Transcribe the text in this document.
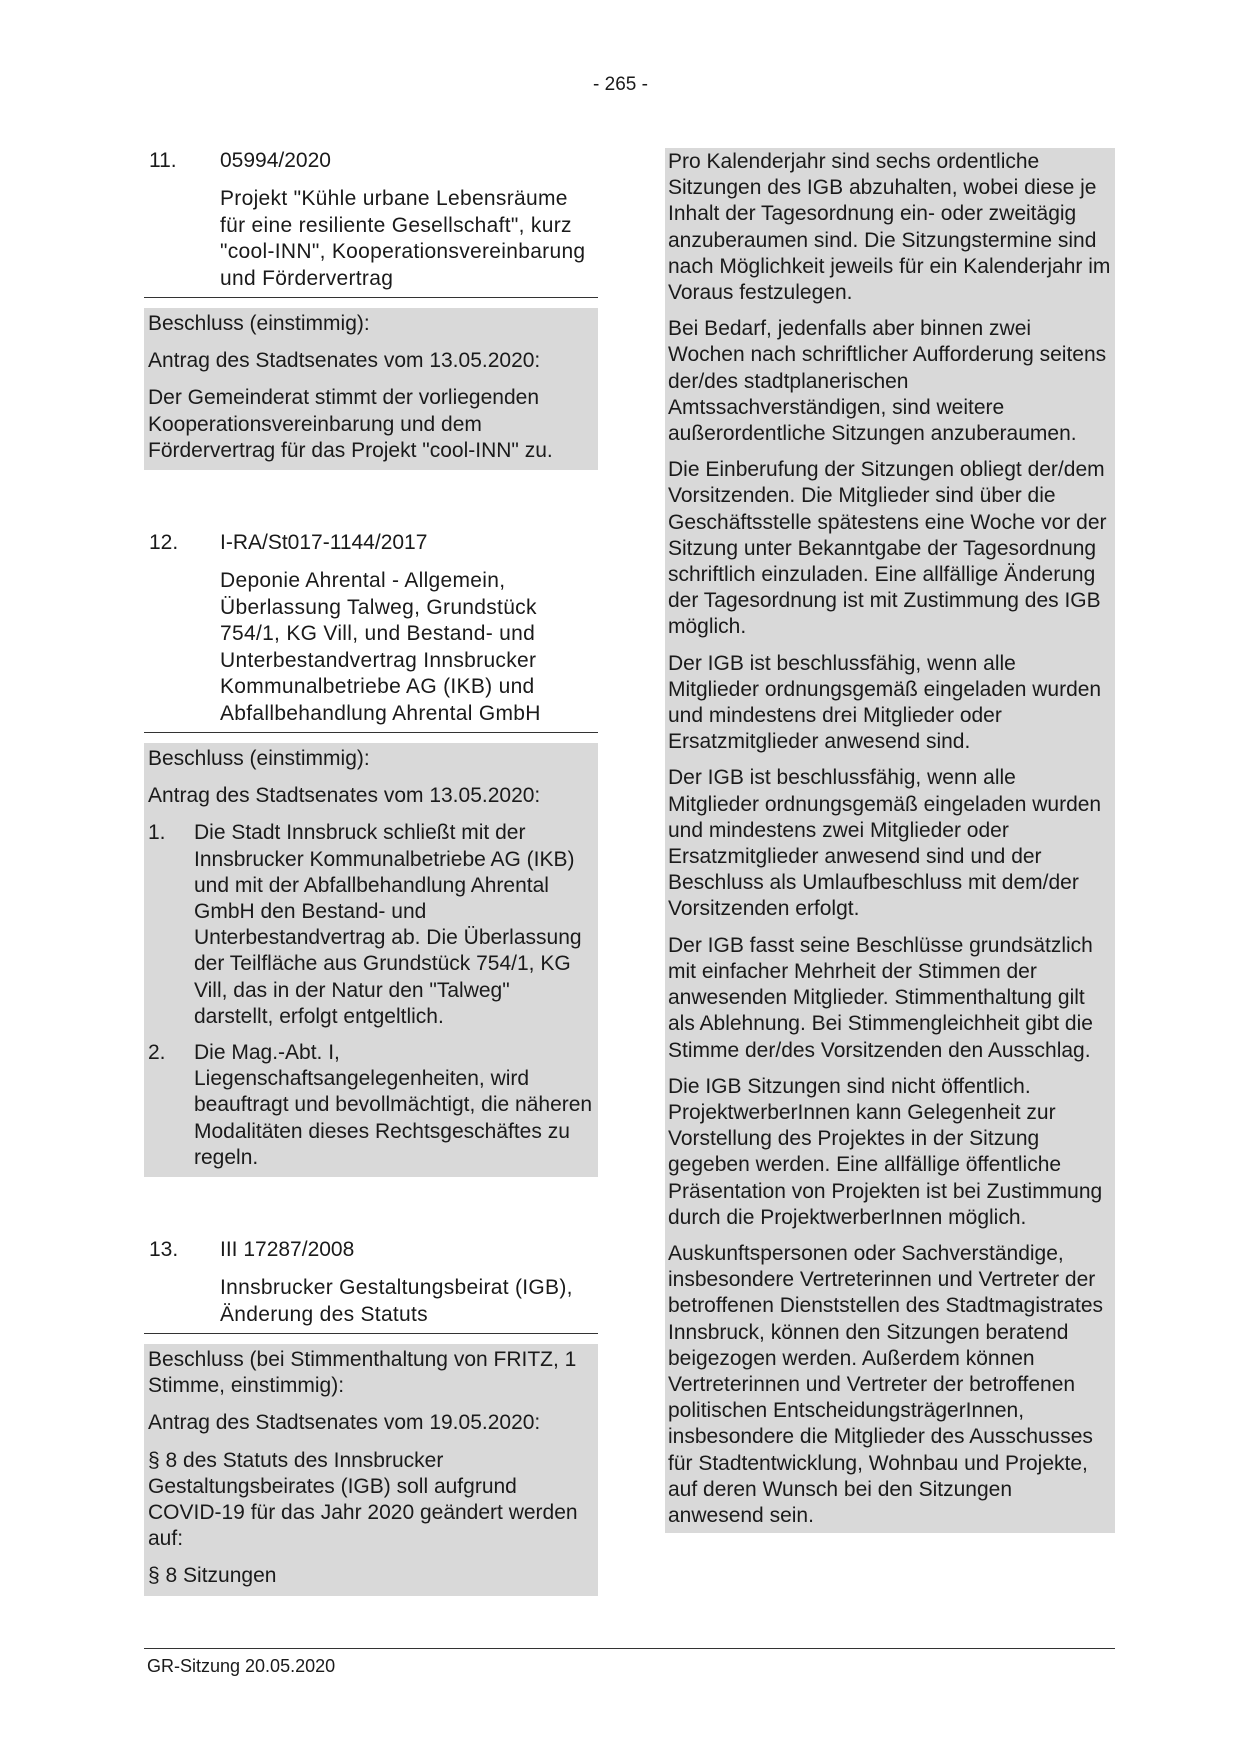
- 265 -
11. 05994/2020
Projekt "Kühle urbane Lebensräume für eine resiliente Gesellschaft", kurz "cool-INN", Kooperationsvereinbarung und Fördervertrag

Beschluss (einstimmig):

Antrag des Stadtsenates vom 13.05.2020:

Der Gemeinderat stimmt der vorliegenden Kooperationsvereinbarung und dem Fördervertrag für das Projekt "cool-INN" zu.

12. I-RA/St017-1144/2017
Deponie Ahrental - Allgemein, Überlassung Talweg, Grundstück 754/1, KG Vill, und Bestand- und Unterbestandvertrag Innsbrucker Kommunalbetriebe AG (IKB) und Abfallbehandlung Ahrental GmbH

Beschluss (einstimmig):

Antrag des Stadtsenates vom 13.05.2020:

1. Die Stadt Innsbruck schließt mit der Innsbrucker Kommunalbetriebe AG (IKB) und mit der Abfallbehandlung Ahrental GmbH den Bestand- und Unterbestandvertrag ab. Die Überlassung der Teilfläche aus Grundstück 754/1, KG Vill, das in der Natur den "Talweg" darstellt, erfolgt entgeltlich.
2. Die Mag.-Abt. I, Liegenschaftsangelegenheiten, wird beauftragt und bevollmächtigt, die näheren Modalitäten dieses Rechtsgeschäftes zu regeln.
13. III 17287/2008
Innsbrucker Gestaltungsbeirat (IGB), Änderung des Statuts

Beschluss (bei Stimmenthaltung von FRITZ, 1 Stimme, einstimmig):

Antrag des Stadtsenates vom 19.05.2020:

§ 8 des Statuts des Innsbrucker Gestaltungsbeirates (IGB) soll aufgrund COVID-19 für das Jahr 2020 geändert werden auf:

§ 8 Sitzungen

Pro Kalenderjahr sind sechs ordentliche Sitzungen des IGB abzuhalten, wobei diese je Inhalt der Tagesordnung ein- oder zweitägig anzuberaumen sind. Die Sitzungstermine sind nach Möglichkeit jeweils für ein Kalenderjahr im Voraus festzulegen.

Bei Bedarf, jedenfalls aber binnen zwei Wochen nach schriftlicher Aufforderung seitens der/des stadtplanerischen Amtssachverständigen, sind weitere außerordentliche Sitzungen anzuberaumen.

Die Einberufung der Sitzungen obliegt der/dem Vorsitzenden. Die Mitglieder sind über die Geschäftsstelle spätestens eine Woche vor der Sitzung unter Bekanntgabe der Tagesordnung schriftlich einzuladen. Eine allfällige Änderung der Tagesordnung ist mit Zustimmung des IGB möglich.

Der IGB ist beschlussfähig, wenn alle Mitglieder ordnungsgemäß eingeladen wurden und mindestens drei Mitglieder oder Ersatzmitglieder anwesend sind.

Der IGB ist beschlussfähig, wenn alle Mitglieder ordnungsgemäß eingeladen wurden und mindestens zwei Mitglieder oder Ersatzmitglieder anwesend sind und der Beschluss als Umlaufbeschluss mit dem/der Vorsitzenden erfolgt.

Der IGB fasst seine Beschlüsse grundsätzlich mit einfacher Mehrheit der Stimmen der anwesenden Mitglieder. Stimmenthaltung gilt als Ablehnung. Bei Stimmengleichheit gibt die Stimme der/des Vorsitzenden den Ausschlag.

Die IGB Sitzungen sind nicht öffentlich. ProjektwerberInnen kann Gelegenheit zur Vorstellung des Projektes in der Sitzung gegeben werden. Eine allfällige öffentliche Präsentation von Projekten ist bei Zustimmung durch die ProjektwerberInnen möglich.

Auskunftspersonen oder Sachverständige, insbesondere Vertreterinnen und Vertreter der betroffenen Dienststellen des Stadtmagistrates Innsbruck, können den Sitzungen beratend beigezogen werden. Außerdem können Vertreterinnen und Vertreter der betroffenen politischen EntscheidungsträgerInnen, insbesondere die Mitglieder des Ausschusses für Stadtentwicklung, Wohnbau und Projekte, auf deren Wunsch bei den Sitzungen anwesend sein.

GR-Sitzung 20.05.2020
